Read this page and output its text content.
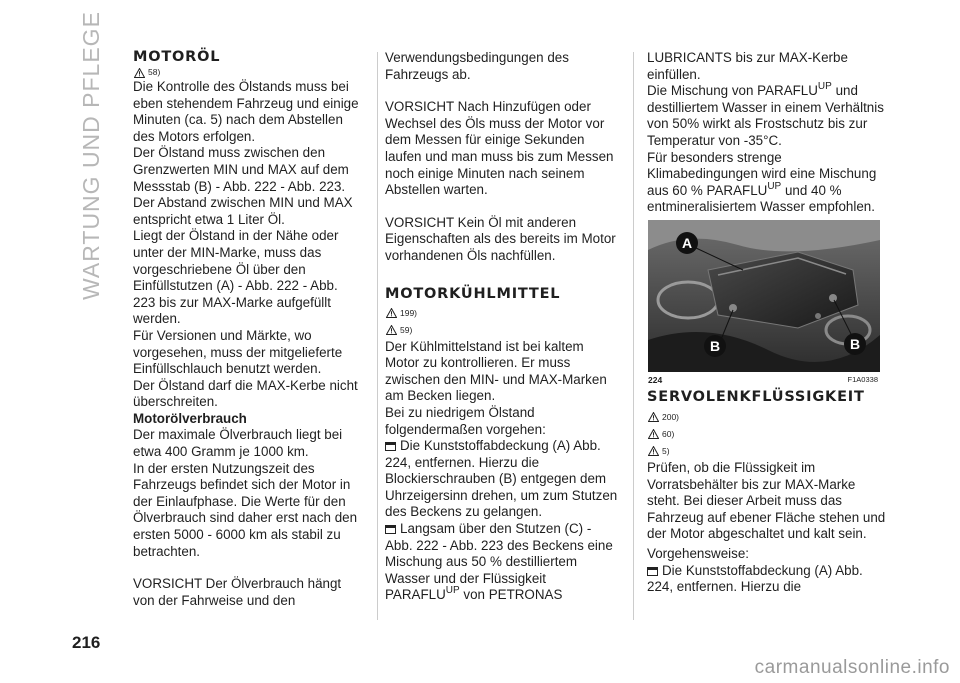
WARTUNG UND PFLEGE MOTORÖL
58)

Die Kontrolle des Ölstands muss bei eben stehendem Fahrzeug und einige Minuten (ca. 5) nach dem Abstellen des Motors erfolgen.

Der Ölstand muss zwischen den Grenzwerten MIN und MAX auf dem Messstab (B) - Abb. 222 - Abb. 223.

Der Abstand zwischen MIN und MAX entspricht etwa 1 Liter Öl.

Liegt der Ölstand in der Nähe oder unter der MIN-Marke, muss das vorgeschriebene Öl über den Einfüllstutzen (A) - Abb. 222 - Abb. 223 bis zur MAX-Marke aufgefüllt werden.

Für Versionen und Märkte, wo vorgesehen, muss der mitgelieferte Einfüllschlauch benutzt werden.

Der Ölstand darf die MAX-Kerbe nicht überschreiten.

Motorölverbrauch

Der maximale Ölverbrauch liegt bei etwa 400 Gramm je 1000 km.

In der ersten Nutzungszeit des Fahrzeugs befindet sich der Motor in der Einlaufphase. Die Werte für den Ölverbrauch sind daher erst nach den ersten 5000 - 6000 km als stabil zu betrachten.

VORSICHT Der Ölverbrauch hängt von der Fahrweise und den

Verwendungsbedingungen des Fahrzeugs ab.

VORSICHT Nach Hinzufügen oder Wechsel des Öls muss der Motor vor dem Messen für einige Sekunden laufen und man muss bis zum Messen noch einige Minuten nach seinem Abstellen warten.

VORSICHT Kein Öl mit anderen Eigenschaften als des bereits im Motor vorhandenen Öls nachfüllen.

MOTORKÜHLMITTEL
199)
59)

Der Kühlmittelstand ist bei kaltem Motor zu kontrollieren. Er muss zwischen den MIN- und MAX-Marken am Becken liegen.

Bei zu niedrigem Ölstand folgendermaßen vorgehen:

Die Kunststoffabdeckung (A) Abb. 224, entfernen. Hierzu die Blockierschrauben (B) entgegen dem Uhrzeigersinn drehen, um zum Stutzen des Beckens zu gelangen.

Langsam über den Stutzen (C) - Abb. 222 - Abb. 223 des Beckens eine Mischung aus 50 % destilliertem Wasser und der Flüssigkeit $PARAFLU^{UP}$ von PETRONAS

LUBRICANTS bis zur MAX-Kerbe einfüllen.

Die Mischung von $PARAFLU^{UP}$ und destilliertem Wasser in einem Verhältnis von 50% wirkt als Frostschutz bis zur Temperatur von -35°C.

Für besonders strenge Klimabedingungen wird eine Mischung aus 60 % $PARAFLU^{UP}$ und 40 % entmineralisiertem Wasser empfohlen.

A
B	B
224	F1A0338
SERVOLENKFLÜSSIGKEIT
200)
60)
5)

Prüfen, ob die Flüssigkeit im Vorratsbehälter bis zur MAX-Marke steht. Bei dieser Arbeit muss das Fahrzeug auf ebener Fläche stehen und der Motor abgeschaltet und kalt sein.

Vorgehensweise:

Die Kunststoffabdeckung (A) Abb. 224, entfernen. Hierzu die

216
carmanualsonline.info
